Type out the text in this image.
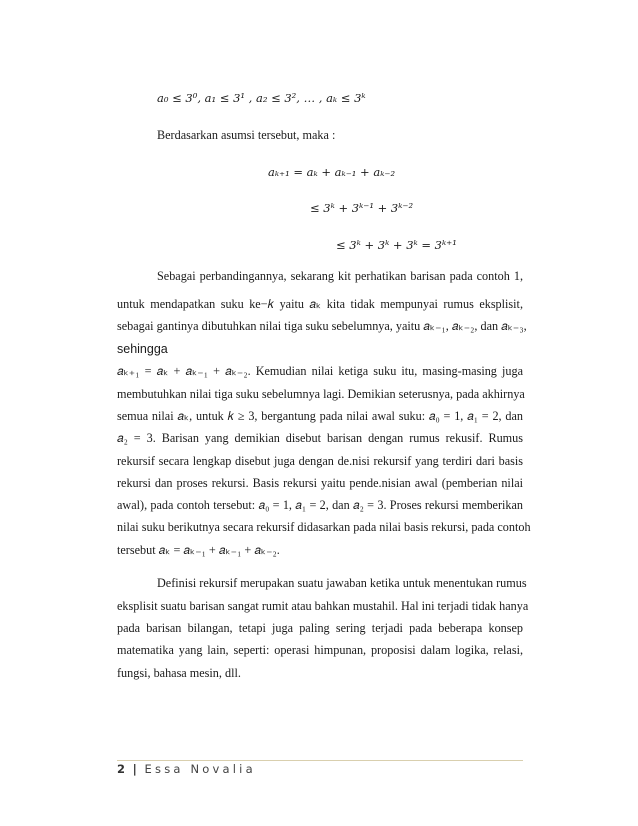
𝑎₀ ≤ 3⁰, 𝑎₁ ≤ 3¹ , 𝑎₂ ≤ 3², … , 𝑎ₖ ≤ 3ᵏ
Berdasarkan asumsi tersebut, maka :
𝑎ₖ₊₁ = 𝑎ₖ + 𝑎ₖ₋₁ + 𝑎ₖ₋₂
≤ 3ᵏ + 3ᵏ⁻¹ + 3ᵏ⁻²
≤ 3ᵏ + 3ᵏ + 3ᵏ = 3ᵏ⁺¹
Sebagai perbandingannya, sekarang kit perhatikan barisan pada contoh 1,
untuk mendapatkan suku ke−𝑘 yaitu 𝑎ₖ kita tidak mempunyai rumus eksplisit,
sebagai gantinya dibutuhkan nilai tiga suku sebelumnya, yaitu 𝑎ₖ₋₁, 𝑎ₖ₋₂, dan 𝑎ₖ₋₃,
sehingga
𝑎ₖ₊₁ = 𝑎ₖ + 𝑎ₖ₋₁ + 𝑎ₖ₋₂. Kemudian nilai ketiga suku itu, masing-masing juga
membutuhkan nilai tiga suku sebelumnya lagi. Demikian seterusnya, pada akhirnya
semua nilai 𝑎ₖ, untuk 𝑘 ≥ 3, bergantung pada nilai awal suku: 𝑎₀ = 1, 𝑎₁ = 2, dan
𝑎₂ = 3. Barisan yang demikian disebut barisan dengan rumus rekusif. Rumus
rekursif secara lengkap disebut juga dengan de.nisi rekursif yang terdiri dari basis
rekursi dan proses rekursi. Basis rekursi yaitu pende.nisian awal (pemberian nilai
awal), pada contoh tersebut: 𝑎₀ = 1, 𝑎₁ = 2, dan 𝑎₂ = 3. Proses rekursi memberikan
nilai suku berikutnya secara rekursif didasarkan pada nilai basis rekursi, pada contoh
tersebut 𝑎ₖ = 𝑎ₖ₋₁ + 𝑎ₖ₋₁ + 𝑎ₖ₋₂.
Definisi rekursif merupakan suatu jawaban ketika untuk menentukan rumus
eksplisit suatu barisan sangat rumit atau bahkan mustahil. Hal ini terjadi tidak hanya
pada barisan bilangan, tetapi juga paling sering terjadi pada beberapa konsep
matematika yang lain, seperti: operasi himpunan, proposisi dalam logika, relasi,
fungsi, bahasa mesin, dll.
2 | Essa Novalia
